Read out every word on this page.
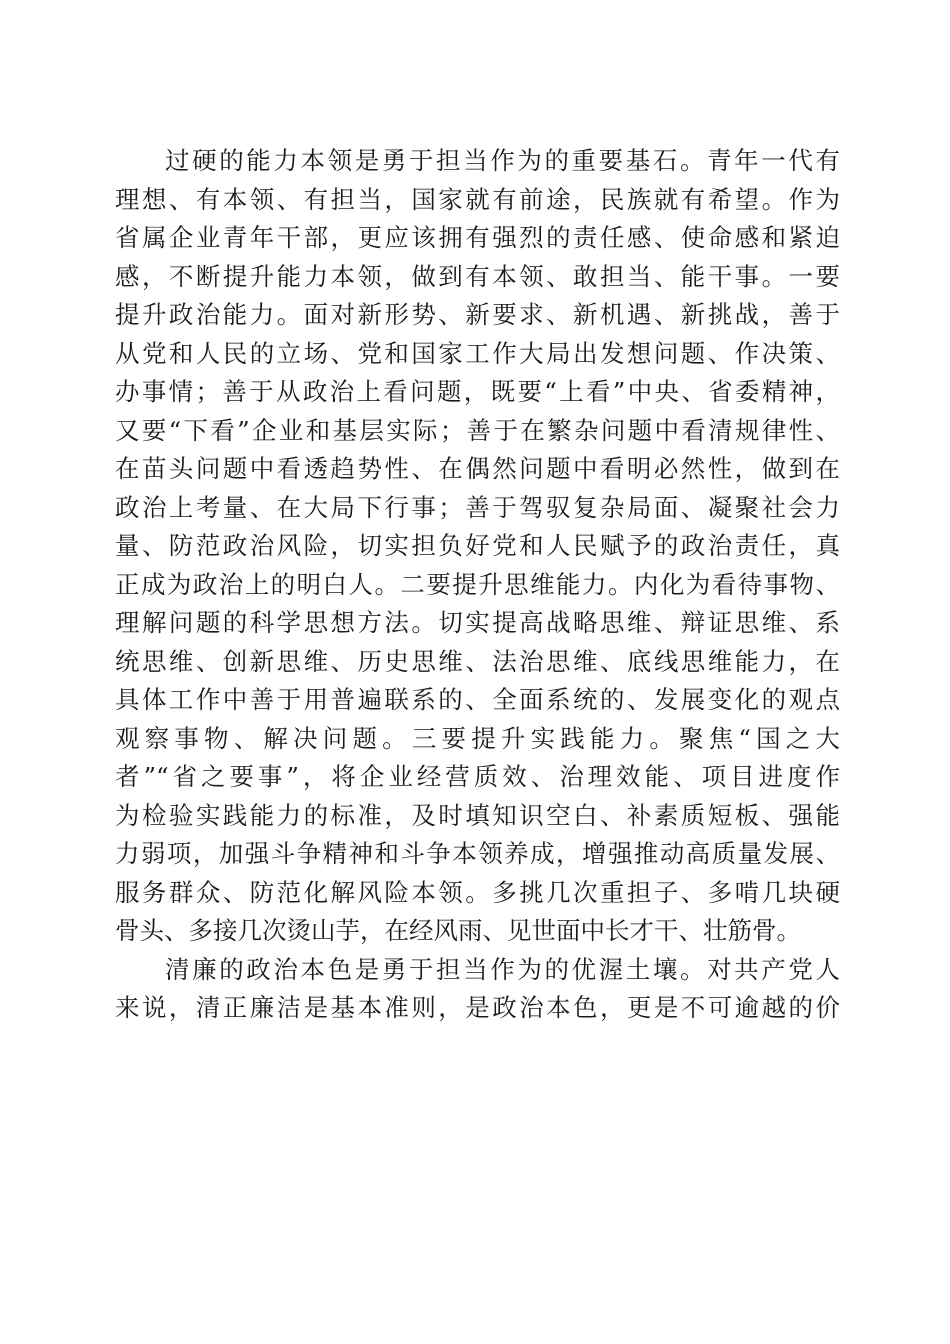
过硬的能力本领是勇于担当作为的重要基石。青年一代有
理想、有本领、有担当，国家就有前途，民族就有希望。作为
省属企业青年干部，更应该拥有强烈的责任感、使命感和紧迫
感，不断提升能力本领，做到有本领、敢担当、能干事。一要
提升政治能力。面对新形势、新要求、新机遇、新挑战，善于
从党和人民的立场、党和国家工作大局出发想问题、作决策、
办事情；善于从政治上看问题，既要“上看”中央、省委精神，
又要“下看”企业和基层实际；善于在繁杂问题中看清规律性、
在苗头问题中看透趋势性、在偶然问题中看明必然性，做到在
政治上考量、在大局下行事；善于驾驭复杂局面、凝聚社会力
量、防范政治风险，切实担负好党和人民赋予的政治责任，真
正成为政治上的明白人。二要提升思维能力。内化为看待事物、
理解问题的科学思想方法。切实提高战略思维、辩证思维、系
统思维、创新思维、历史思维、法治思维、底线思维能力，在
具体工作中善于用普遍联系的、全面系统的、发展变化的观点
观察事物、解决问题。三要提升实践能力。聚焦“国之大
者”“省之要事”，将企业经营质效、治理效能、项目进度作
为检验实践能力的标准，及时填知识空白、补素质短板、强能
力弱项，加强斗争精神和斗争本领养成，增强推动高质量发展、
服务群众、防范化解风险本领。多挑几次重担子、多啃几块硬
骨头、多接几次烫山芋，在经风雨、见世面中长才干、壮筋骨。
清廉的政治本色是勇于担当作为的优渥土壤。对共产党人
来说，清正廉洁是基本准则，是政治本色，更是不可逾越的价
